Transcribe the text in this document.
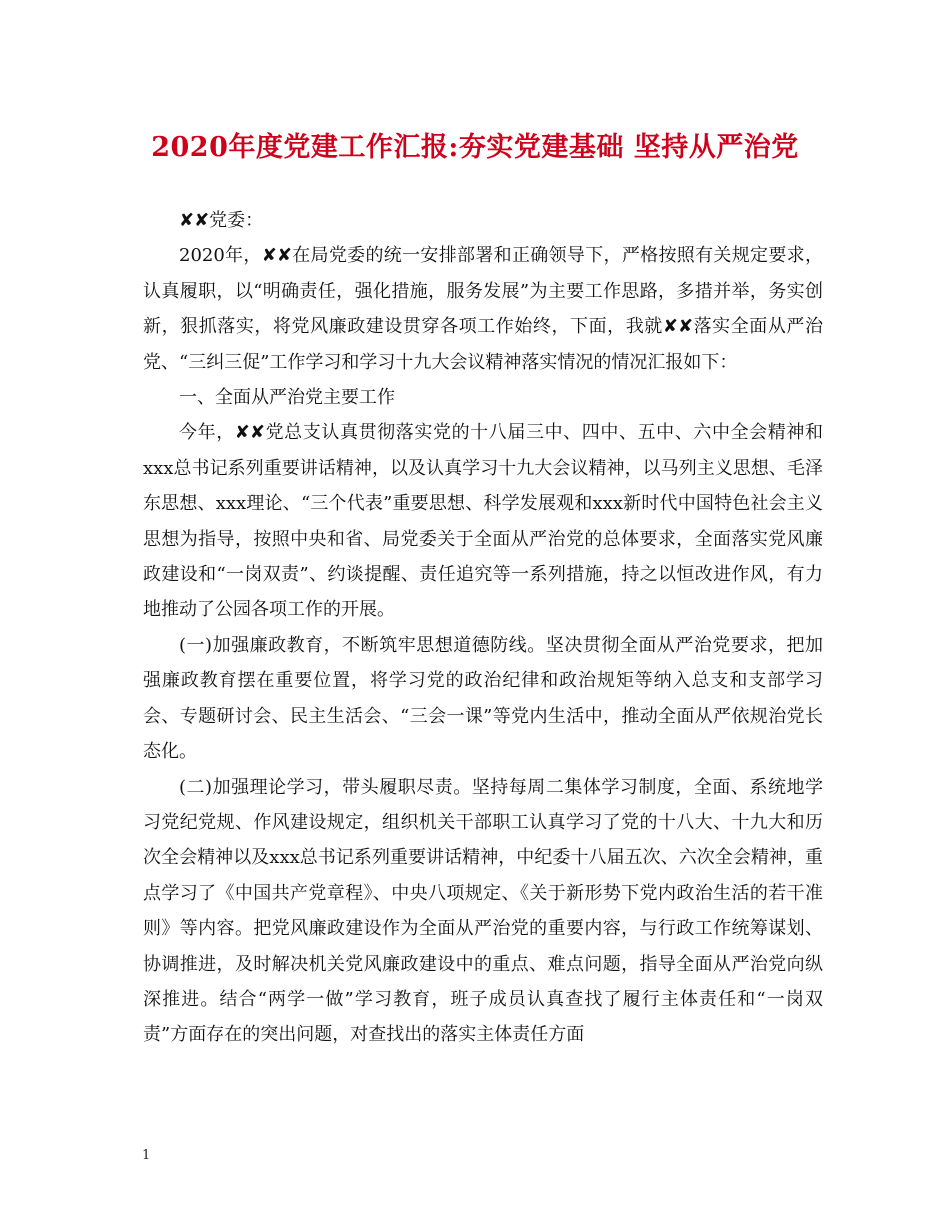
2020年度党建工作汇报:夯实党建基础 坚持从严治党

✘✘党委：

2020年，✘✘在局党委的统一安排部署和正确领导下，严格按照有关规定要求，认真履职，以“明确责任，强化措施，服务发展”为主要工作思路，多措并举，务实创新，狠抓落实，将党风廉政建设贯穿各项工作始终，下面，我就✘✘落实全面从严治党、“三纠三促”工作学习和学习十九大会议精神落实情况的情况汇报如下：

一、全面从严治党主要工作

今年，✘✘党总支认真贯彻落实党的十八届三中、四中、五中、六中全会精神和xxx总书记系列重要讲话精神，以及认真学习十九大会议精神，以马列主义思想、毛泽东思想、xxx理论、“三个代表”重要思想、科学发展观和xxx新时代中国特色社会主义思想为指导，按照中央和省、局党委关于全面从严治党的总体要求，全面落实党风廉政建设和“一岗双责”、约谈提醒、责任追究等一系列措施，持之以恒改进作风，有力地推动了公园各项工作的开展。

(一)加强廉政教育，不断筑牢思想道德防线。坚决贯彻全面从严治党要求，把加强廉政教育摆在重要位置，将学习党的政治纪律和政治规矩等纳入总支和支部学习会、专题研讨会、民主生活会、“三会一课”等党内生活中，推动全面从严依规治党长态化。

(二)加强理论学习，带头履职尽责。坚持每周二集体学习制度，全面、系统地学习党纪党规、作风建设规定，组织机关干部职工认真学习了党的十八大、十九大和历次全会精神以及xxx总书记系列重要讲话精神，中纪委十八届五次、六次全会精神，重点学习了《中国共产党章程》、中央八项规定、《关于新形势下党内政治生活的若干准则》等内容。把党风廉政建设作为全面从严治党的重要内容，与行政工作统筹谋划、协调推进，及时解决机关党风廉政建设中的重点、难点问题，指导全面从严治党向纵深推进。结合“两学一做”学习教育，班子成员认真查找了履行主体责任和“一岗双责”方面存在的突出问题，对查找出的落实主体责任方面

1
